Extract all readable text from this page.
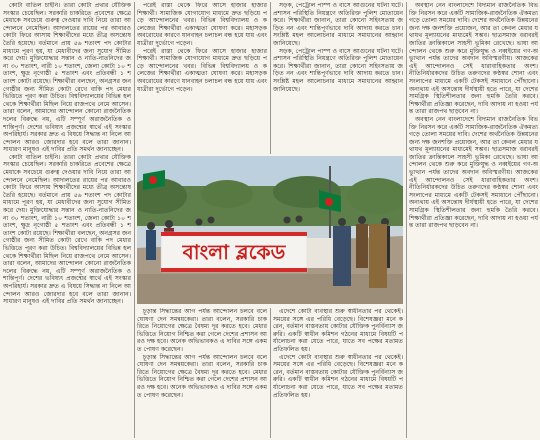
কোটা বাতিল চাইনি। তারা কোটা প্রথার যৌক্তিক সংস্কার চেয়েছিল। সরকারি চাকরিতে প্রবেশের ক্ষেত্রে মেধাকে সবচেয়ে গুরুত্ব দেওয়ার দাবি নিয়ে তারা আন্দোলনে নেমেছিল। আদালতের রায়ের পর আবারও কোটা ফিরে আসায় শিক্ষার্থীদের মধ্যে তীব্র অসন্তোষ তৈরি হয়েছে। বর্তমানে প্রায় ৫৬ শতাংশ পদ কোটার মাধ্যমে পূরণ হয়, যা মেধাবীদের জন্য সুযোগ সীমিত করে দেয়। মুক্তিযোদ্ধার সন্তান ও নাতি-নাতনিদের জন্য ৩০ শতাংশ, নারী ১০ শতাংশ, জেলা কোটা ১০ শতাংশ, ক্ষুদ্র নৃগোষ্ঠী ৫ শতাংশ এবং প্রতিবন্ধী ১ শতাংশ কোটা রয়েছে। শিক্ষার্থীরা বলছেন, অনগ্রসর জনগোষ্ঠীর জন্য সীমিত কোটা রেখে বাকি পদ মেধার ভিত্তিতে পূরণ করা উচিত। বিশ্ববিদ্যালয়ের বিভিন্ন হল থেকে শিক্ষার্থীরা মিছিল নিয়ে রাজপথে নেমে আসেন। তারা বলেন, আমাদের আন্দোলন কোনো রাজনৈতিক দলের বিরুদ্ধে নয়, এটি সম্পূর্ণ অরাজনৈতিক ও শান্তিপূর্ণ। দেশের ভবিষ্যৎ প্রজন্মের স্বার্থে এই সংস্কার অপরিহার্য। সরকার দ্রুত এ বিষয়ে সিদ্ধান্ত না নিলে আন্দোলন আরও জোরদার হবে বলে তারা জানান। সাধারণ মানুষও এই দাবির প্রতি সমর্থন জানাচ্ছেন।

কোটা বাতিল চাইনি। তারা কোটা প্রথার যৌক্তিক সংস্কার চেয়েছিল। সরকারি চাকরিতে প্রবেশের ক্ষেত্রে মেধাকে সবচেয়ে গুরুত্ব দেওয়ার দাবি নিয়ে তারা আন্দোলনে নেমেছিল। আদালতের রায়ের পর আবারও কোটা ফিরে আসায় শিক্ষার্থীদের মধ্যে তীব্র অসন্তোষ তৈরি হয়েছে। বর্তমানে প্রায় ৫৬ শতাংশ পদ কোটার মাধ্যমে পূরণ হয়, যা মেধাবীদের জন্য সুযোগ সীমিত করে দেয়। মুক্তিযোদ্ধার সন্তান ও নাতি-নাতনিদের জন্য ৩০ শতাংশ, নারী ১০ শতাংশ, জেলা কোটা ১০ শতাংশ, ক্ষুদ্র নৃগোষ্ঠী ৫ শতাংশ এবং প্রতিবন্ধী ১ শতাংশ কোটা রয়েছে। শিক্ষার্থীরা বলছেন, অনগ্রসর জনগোষ্ঠীর জন্য সীমিত কোটা রেখে বাকি পদ মেধার ভিত্তিতে পূরণ করা উচিত। বিশ্ববিদ্যালয়ের বিভিন্ন হল থেকে শিক্ষার্থীরা মিছিল নিয়ে রাজপথে নেমে আসেন। তারা বলেন, আমাদের আন্দোলন কোনো রাজনৈতিক দলের বিরুদ্ধে নয়, এটি সম্পূর্ণ অরাজনৈতিক ও শান্তিপূর্ণ। দেশের ভবিষ্যৎ প্রজন্মের স্বার্থে এই সংস্কার অপরিহার্য। সরকার দ্রুত এ বিষয়ে সিদ্ধান্ত না নিলে আন্দোলন আরও জোরদার হবে বলে তারা জানান। সাধারণ মানুষও এই দাবির প্রতি সমর্থন জানাচ্ছেন।

পরেই রাস্তা থেকে ফিরে আসে হাজার হাজার শিক্ষার্থী। সামাজিক যোগাযোগ মাধ্যমে দ্রুত ছড়িয়ে পড়ে আন্দোলনের খবর। বিভিন্ন বিশ্ববিদ্যালয় ও কলেজের শিক্ষার্থীরা একাত্মতা ঘোষণা করে। মহাসড়ক অবরোধের কারণে যানবাহন চলাচল বন্ধ হয়ে যায় এবং যাত্রীরা দুর্ভোগে পড়েন।

পরেই রাস্তা থেকে ফিরে আসে হাজার হাজার শিক্ষার্থী। সামাজিক যোগাযোগ মাধ্যমে দ্রুত ছড়িয়ে পড়ে আন্দোলনের খবর। বিভিন্ন বিশ্ববিদ্যালয় ও কলেজের শিক্ষার্থীরা একাত্মতা ঘোষণা করে। মহাসড়ক অবরোধের কারণে যানবাহন চলাচল বন্ধ হয়ে যায় এবং যাত্রীরা দুর্ভোগে পড়েন।

সড়ক, পেট্রোল পাম্প ও বাসে আগুনের ঘটনা ঘটে। প্রশাসন পরিস্থিতি নিয়ন্ত্রণে অতিরিক্ত পুলিশ মোতায়েন করে। শিক্ষার্থীরা জানান, তারা কোনো সহিংসতায় জড়িত নন এবং শান্তিপূর্ণভাবে দাবি আদায় করতে চান। সংশ্লিষ্ট মহল আলোচনার মাধ্যমে সমাধানের আহ্বান জানিয়েছে।

সড়ক, পেট্রোল পাম্প ও বাসে আগুনের ঘটনা ঘটে। প্রশাসন পরিস্থিতি নিয়ন্ত্রণে অতিরিক্ত পুলিশ মোতায়েন করে। শিক্ষার্থীরা জানান, তারা কোনো সহিংসতায় জড়িত নন এবং শান্তিপূর্ণভাবে দাবি আদায় করতে চান। সংশ্লিষ্ট মহল আলোচনার মাধ্যমে সমাধানের আহ্বান জানিয়েছে।

বাংলা ব্লকেড

চূড়ান্ত সিদ্ধান্তের আগ পর্যন্ত আন্দোলন চলবে বলে ঘোষণা দেন সমন্বয়কেরা। তারা বলেন, সরকারি চাকরিতে নিয়োগের ক্ষেত্রে বৈষম্য দূর করতে হবে। মেধার ভিত্তিতে নিয়োগ নিশ্চিত করা গেলে দেশের প্রশাসন আরও দক্ষ হবে। অনেক অভিভাবকও এ দাবির সঙ্গে একমত পোষণ করেছেন।

চূড়ান্ত সিদ্ধান্তের আগ পর্যন্ত আন্দোলন চলবে বলে ঘোষণা দেন সমন্বয়কেরা। তারা বলেন, সরকারি চাকরিতে নিয়োগের ক্ষেত্রে বৈষম্য দূর করতে হবে। মেধার ভিত্তিতে নিয়োগ নিশ্চিত করা গেলে দেশের প্রশাসন আরও দক্ষ হবে। অনেক অভিভাবকও এ দাবির সঙ্গে একমত পোষণ করেছেন।

এদেশে কোটা ব্যবস্থার শুরু স্বাধীনতার পর থেকেই। সময়ের সঙ্গে এর পরিধি বেড়েছে। বিশেষজ্ঞরা মনে করেন, বর্তমান বাস্তবতায় কোটার যৌক্তিক পুনর্বিন্যাস জরুরি। একটি স্বাধীন কমিশন গঠনের মাধ্যমে বিষয়টি পর্যালোচনা করা যেতে পারে, যাতে সব পক্ষের মতামত প্রতিফলিত হয়।

এদেশে কোটা ব্যবস্থার শুরু স্বাধীনতার পর থেকেই। সময়ের সঙ্গে এর পরিধি বেড়েছে। বিশেষজ্ঞরা মনে করেন, বর্তমান বাস্তবতায় কোটার যৌক্তিক পুনর্বিন্যাস জরুরি। একটি স্বাধীন কমিশন গঠনের মাধ্যমে বিষয়টি পর্যালোচনা করা যেতে পারে, যাতে সব পক্ষের মতামত প্রতিফলিত হয়।

অবস্থান নেন বাংলাদেশে বিদ্যমান রাজনৈতিক বিভক্তি নিরসন করে একটি সামাজিক-রাজনৈতিক ঐকমত্য গড়ে তোলা সময়ের দাবি। দেশের অর্থনৈতিক উন্নয়নের জন্য দক্ষ জনশক্তি প্রয়োজন, আর তা কেবল মেধার যথাযথ মূল্যায়নের মাধ্যমেই সম্ভব। ছাত্রসমাজ বরাবরই জাতির ক্রান্তিকালে সাহসী ভূমিকা রেখেছে। ভাষা আন্দোলন থেকে শুরু করে মুক্তিযুদ্ধ ও নব্বইয়ের গণ-অভ্যুত্থান পর্যন্ত তাদের অবদান অবিস্মরণীয়। আজকের এই আন্দোলনও সেই ধারাবাহিকতার অংশ। নীতিনির্ধারকদের উচিত তরুণদের কণ্ঠস্বর শোনা এবং সংলাপের মাধ্যমে একটি টেকসই সমাধানে পৌঁছানো। অন্যথায় এই অসন্তোষ দীর্ঘস্থায়ী হতে পারে, যা দেশের সামগ্রিক স্থিতিশীলতার জন্য হুমকি তৈরি করবে। শিক্ষার্থীরা প্রতিজ্ঞা করেছেন, দাবি আদায় না হওয়া পর্যন্ত তারা রাজপথ ছাড়বেন না।

অবস্থান নেন বাংলাদেশে বিদ্যমান রাজনৈতিক বিভক্তি নিরসন করে একটি সামাজিক-রাজনৈতিক ঐকমত্য গড়ে তোলা সময়ের দাবি। দেশের অর্থনৈতিক উন্নয়নের জন্য দক্ষ জনশক্তি প্রয়োজন, আর তা কেবল মেধার যথাযথ মূল্যায়নের মাধ্যমেই সম্ভব। ছাত্রসমাজ বরাবরই জাতির ক্রান্তিকালে সাহসী ভূমিকা রেখেছে। ভাষা আন্দোলন থেকে শুরু করে মুক্তিযুদ্ধ ও নব্বইয়ের গণ-অভ্যুত্থান পর্যন্ত তাদের অবদান অবিস্মরণীয়। আজকের এই আন্দোলনও সেই ধারাবাহিকতার অংশ। নীতিনির্ধারকদের উচিত তরুণদের কণ্ঠস্বর শোনা এবং সংলাপের মাধ্যমে একটি টেকসই সমাধানে পৌঁছানো। অন্যথায় এই অসন্তোষ দীর্ঘস্থায়ী হতে পারে, যা দেশের সামগ্রিক স্থিতিশীলতার জন্য হুমকি তৈরি করবে। শিক্ষার্থীরা প্রতিজ্ঞা করেছেন, দাবি আদায় না হওয়া পর্যন্ত তারা রাজপথ ছাড়বেন না।
